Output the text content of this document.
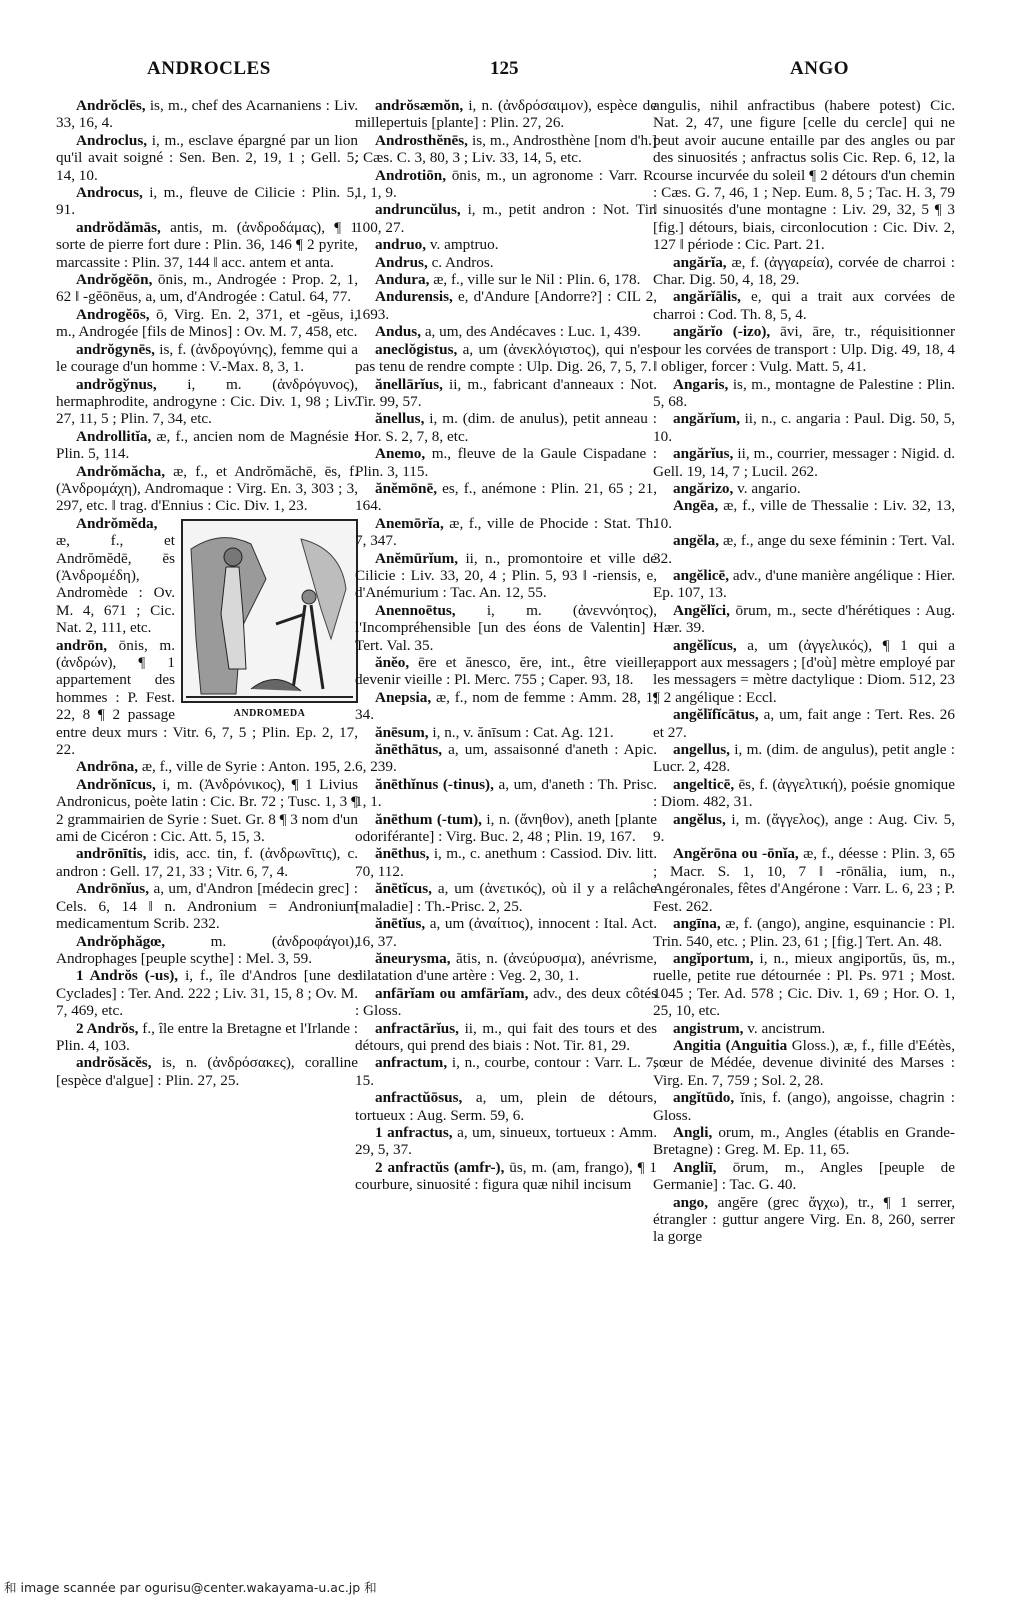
ANDROCLES	125	ANGO

Andrŏclēs, is, m., chef des Acarnaniens : Liv. 33, 16, 4.

Androclus, i, m., esclave épargné par un lion qu'il avait soigné : Sen. Ben. 2, 19, 1 ; Gell. 5, 14, 10.

Androcus, i, m., fleuve de Cilicie : Plin. 5, 91.

andrŏdămās, antis, m. (ἀνδροδάμας), ¶ 1 sorte de pierre fort dure : Plin. 36, 146 ¶ 2 pyrite, marcassite : Plin. 37, 144 ‖ acc. antem et anta.

Andrŏgĕōn, ōnis, m., Androgée : Prop. 2, 1, 62 ‖ -gĕōnēus, a, um, d'Androgée : Catul. 64, 77.

Androgĕōs, ō, Virg. En. 2, 371, et -gĕus, i, m., Androgée [fils de Minos] : Ov. M. 7, 458, etc.

andrŏgynēs, is, f. (ἀνδρογύνης), femme qui a le courage d'un homme : V.-Max. 8, 3, 1.

andrŏgўnus, i, m. (ἀνδρόγυνος), hermaphrodite, androgyne : Cic. Div. 1, 98 ; Liv. 27, 11, 5 ; Plin. 7, 34, etc.

Androllitĭa, æ, f., ancien nom de Magnésie : Plin. 5, 114.

Andrŏmăcha, æ, f., et Andrŏmăchē, ēs, f. (Ἀνδρομάχη), Andromaque : Virg. En. 3, 303 ; 3, 297, etc. ‖ trag. d'Ennius : Cic. Div. 1, 23.

ANDROMEDA

Andrŏmĕda, æ, f., et Andrŏmĕdē, ēs (Ἀνδρομέδη), Andromède : Ov. M. 4, 671 ; Cic. Nat. 2, 111, etc.

andrōn, ōnis, m. (ἀνδρών), ¶ 1 appartement des hommes : P. Fest. 22, 8 ¶ 2 passage entre deux murs : Vitr. 6, 7, 5 ; Plin. Ep. 2, 17, 22.

Andrōna, æ, f., ville de Syrie : Anton. 195, 2.

Andrŏnīcus, i, m. (Ἀνδρόνικος), ¶ 1 Livius Andronicus, poète latin : Cic. Br. 72 ; Tusc. 1, 3 ¶ 2 grammairien de Syrie : Suet. Gr. 8 ¶ 3 nom d'un ami de Cicéron : Cic. Att. 5, 15, 3.

andrōnītis, idis, acc. tin, f. (ἀνδρωνῖτις), c. andron : Gell. 17, 21, 33 ; Vitr. 6, 7, 4.

Andrōnĭus, a, um, d'Andron [médecin grec] : Cels. 6, 14 ‖ n. Andronium = Andronium medicamentum Scrib. 232.

Andrŏphăgœ, m. (ἀνδροφάγοι), Androphages [peuple scythe] : Mel. 3, 59.

1 Andrŏs (-us), i, f., île d'Andros [une des Cyclades] : Ter. And. 222 ; Liv. 31, 15, 8 ; Ov. M. 7, 469, etc.

2 Andrŏs, f., île entre la Bretagne et l'Irlande : Plin. 4, 103.

andrŏsăcĕs, is, n. (ἀνδρόσακες), coralline [espèce d'algue] : Plin. 27, 25.

andrŏsæmŏn, i, n. (ἀνδρόσαιμον), espèce de millepertuis [plante] : Plin. 27, 26.

Androsthĕnēs, is, m., Androsthène [nom d'h.] : Cæs. C. 3, 80, 3 ; Liv. 33, 14, 5, etc.

Androtiōn, ōnis, m., un agronome : Varr. R. 1, 1, 9.

andruncŭlus, i, m., petit andron : Not. Tir. 100, 27.

andruo, v. amptruo.

Andrus, c. Andros.

Andura, æ, f., ville sur le Nil : Plin. 6, 178.

Andurensis, e, d'Andure [Andorre?] : CIL 2, 1693.

Andus, a, um, des Andécaves : Luc. 1, 439.

aneclŏgistus, a, um (ἀνεκλόγιστος), qui n'est pas tenu de rendre compte : Ulp. Dig. 26, 7, 5, 7.

ănellārĭus, ii, m., fabricant d'anneaux : Not. Tir. 99, 57.

ănellus, i, m. (dim. de anulus), petit anneau : Hor. S. 2, 7, 8, etc.

Anemo, m., fleuve de la Gaule Cispadane : Plin. 3, 115.

ănĕmōnē, es, f., anémone : Plin. 21, 65 ; 21, 164.

Anemōrĭa, æ, f., ville de Phocide : Stat. Th. 7, 347.

Anĕmūrĭum, ii, n., promontoire et ville de Cilicie : Liv. 33, 20, 4 ; Plin. 5, 93 ‖ -riensis, e, d'Anémurium : Tac. An. 12, 55.

Anennoētus, i, m. (ἀνεννόητος), l'Incompréhensible [un des éons de Valentin] : Tert. Val. 35.

ănĕo, ēre et ănesco, ĕre, int., être vieille, devenir vieille : Pl. Merc. 755 ; Caper. 93, 18.

Anepsia, æ, f., nom de femme : Amm. 28, 1, 34.

ănēsum, i, n., v. ănīsum : Cat. Ag. 121.

ănēthātus, a, um, assaisonné d'aneth : Apic. 6, 239.

ănēthĭnus (-tinus), a, um, d'aneth : Th. Prisc. 1, 1.

ănēthum (-tum), i, n. (ἄνηθον), aneth [plante odoriférante] : Virg. Buc. 2, 48 ; Plin. 19, 167.

ănēthus, i, m., c. anethum : Cassiod. Div. litt. 70, 112.

ănētĭcus, a, um (ἀνετικός), où il y a relâche [maladie] : Th.-Prisc. 2, 25.

ănētĭus, a, um (ἀναίτιος), innocent : Ital. Act. 16, 37.

ăneurysma, ătis, n. (ἀνεύρυσμα), anévrisme, dilatation d'une artère : Veg. 2, 30, 1.

anfārĭam ou amfārĭam, adv., des deux côtés : Gloss.

anfractārĭus, ii, m., qui fait des tours et des détours, qui prend des biais : Not. Tir. 81, 29.

anfractum, i, n., courbe, contour : Varr. L. 7, 15.

anfractŭōsus, a, um, plein de détours, tortueux : Aug. Serm. 59, 6.

1 anfractus, a, um, sinueux, tortueux : Amm. 29, 5, 37.

2 anfractŭs (amfr-), ūs, m. (am, frango), ¶ 1 courbure, sinuosité : figura quæ nihil incisum

angulis, nihil anfractibus (habere potest) Cic. Nat. 2, 47, une figure [celle du cercle] qui ne peut avoir aucune entaille par des angles ou par des sinuosités ; anfractus solis Cic. Rep. 6, 12, la course incurvée du soleil ¶ 2 détours d'un chemin : Cæs. G. 7, 46, 1 ; Nep. Eum. 8, 5 ; Tac. H. 3, 79 ‖ sinuosités d'une montagne : Liv. 29, 32, 5 ¶ 3 [fig.] détours, biais, circonlocution : Cic. Div. 2, 127 ‖ période : Cic. Part. 21.

angărĭa, æ, f. (ἀγγαρεία), corvée de charroi : Char. Dig. 50, 4, 18, 29.

angărĭālis, e, qui a trait aux corvées de charroi : Cod. Th. 8, 5, 4.

angărĭo (-izo), āvi, āre, tr., réquisitionner pour les corvées de transport : Ulp. Dig. 49, 18, 4 ‖ obliger, forcer : Vulg. Matt. 5, 41.

Angaris, is, m., montagne de Palestine : Plin. 5, 68.

angărĭum, ii, n., c. angaria : Paul. Dig. 50, 5, 10.

angărĭus, ii, m., courrier, messager : Nigid. d. Gell. 19, 14, 7 ; Lucil. 262.

angărizo, v. angario.

Angēa, æ, f., ville de Thessalie : Liv. 32, 13, 10.

angĕla, æ, f., ange du sexe féminin : Tert. Val. 32.

angĕlicē, adv., d'une manière angélique : Hier. Ep. 107, 13.

Angĕlĭci, ōrum, m., secte d'hérétiques : Aug. Hær. 39.

angĕlĭcus, a, um (ἀγγελικός), ¶ 1 qui a rapport aux messagers ; [d'où] mètre employé par les messagers = mètre dactylique : Diom. 512, 23 ¶ 2 angélique : Eccl.

angĕlĭfĭcātus, a, um, fait ange : Tert. Res. 26 et 27.

angellus, i, m. (dim. de angulus), petit angle : Lucr. 2, 428.

angelticē, ēs, f. (ἀγγελτική), poésie gnomique : Diom. 482, 31.

angĕlus, i, m. (ἄγγελος), ange : Aug. Civ. 5, 9.

Angĕrōna ou -ōnĭa, æ, f., déesse : Plin. 3, 65 ; Macr. S. 1, 10, 7 ‖ -rōnālia, ium, n., Angéronales, fêtes d'Angérone : Varr. L. 6, 23 ; P. Fest. 262.

angīna, æ, f. (ango), angine, esquinancie : Pl. Trin. 540, etc. ; Plin. 23, 61 ; [fig.] Tert. An. 48.

angĭportum, i, n., mieux angiportŭs, ūs, m., ruelle, petite rue détournée : Pl. Ps. 971 ; Most. 1045 ; Ter. Ad. 578 ; Cic. Div. 1, 69 ; Hor. O. 1, 25, 10, etc.

angistrum, v. ancistrum.

Angitia (Anguitia Gloss.), æ, f., fille d'Eétès, sœur de Médée, devenue divinité des Marses : Virg. En. 7, 759 ; Sol. 2, 28.

angĭtūdo, ĭnis, f. (ango), angoisse, chagrin : Gloss.

Angli, orum, m., Angles (établis en Grande-Bretagne) : Greg. M. Ep. 11, 65.

Angliī, ōrum, m., Angles [peuple de Germanie] : Tac. G. 40.

ango, angĕre (grec ἄγχω), tr., ¶ 1 serrer, étrangler : guttur angere Virg. En. 8, 260, serrer la gorge

和 image scannée par ogurisu@center.wakayama-u.ac.jp 和
